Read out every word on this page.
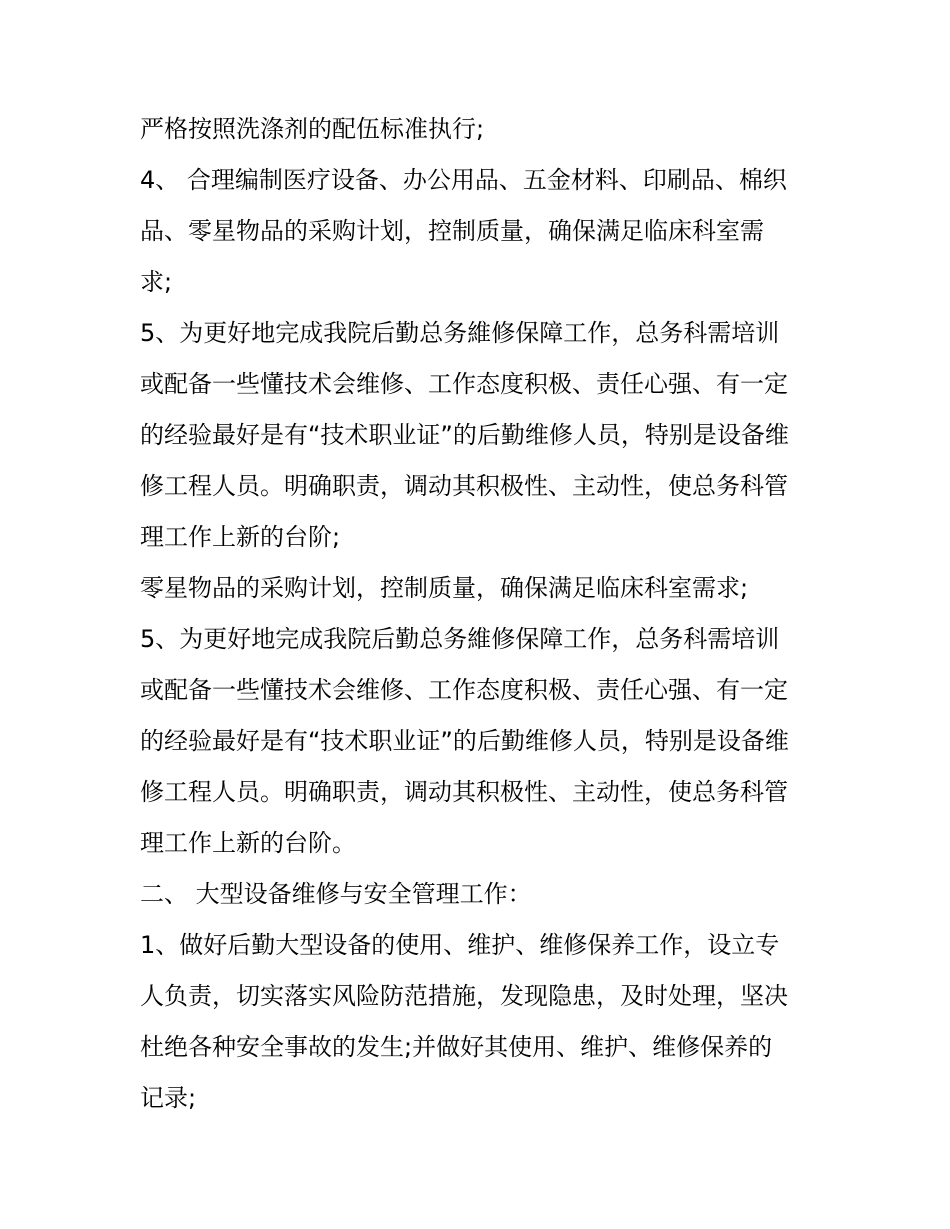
严格按照洗涤剂的配伍标准执行;
4、 合理编制医疗设备、办公用品、五金材料、印刷品、棉织
品、零星物品的采购计划，控制质量，确保满足临床科室需
求;
5、为更好地完成我院后勤总务維修保障工作，总务科需培训
或配备一些懂技术会维修、工作态度积极、责任心强、有一定
的经验最好是有“技术职业证”的后勤维修人员，特别是设备维
修工程人员。明确职责，调动其积极性、主动性，使总务科管
理工作上新的台阶;
零星物品的采购计划，控制质量，确保满足临床科室需求;
5、为更好地完成我院后勤总务維修保障工作，总务科需培训
或配备一些懂技术会维修、工作态度积极、责任心强、有一定
的经验最好是有“技术职业证”的后勤维修人员，特别是设备维
修工程人员。明确职责，调动其积极性、主动性，使总务科管
理工作上新的台阶。
二、 大型设备维修与安全管理工作：
1、做好后勤大型设备的使用、维护、维修保养工作，设立专
人负责，切实落实风险防范措施，发现隐患，及时处理，坚决
杜绝各种安全事故的发生;并做好其使用、维护、维修保养的
记录;
